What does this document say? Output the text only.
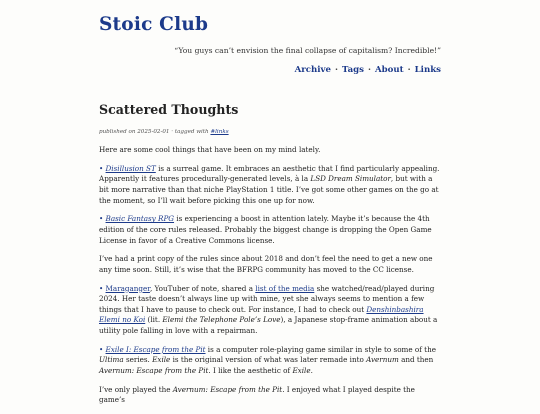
Stoic Club
“You guys can’t envision the final collapse of capitalism? Incredible!”
Archive · Tags · About · Links
Scattered Thoughts
published on 2025-02-01 · tagged with #links

Here are some cool things that have been on my mind lately.

• Disillusion ST is a surreal game. It embraces an aesthetic that I find particularly appealing. Apparently it features procedurally-generated levels, à la LSD Dream Simulator, but with a bit more narrative than that niche PlayStation 1 title. I’ve got some other games on the go at the moment, so I’ll wait before picking this one up for now.

• Basic Fantasy RPG is experiencing a boost in attention lately. Maybe it’s because the 4th edition of the core rules released. Probably the biggest change is dropping the Open Game License in favor of a Creative Commons license.

I’ve had a print copy of the rules since about 2018 and don’t feel the need to get a new one any time soon. Still, it’s wise that the BFRPG community has moved to the CC license.

• Maraganger, YouTuber of note, shared a list of the media she watched/read/played during 2024. Her taste doesn’t always line up with mine, yet she always seems to mention a few things that I have to pause to check out. For instance, I had to check out Denshinbashira Elemi no Koi (lit. Elemi the Telephone Pole’s Love), a Japanese stop-frame animation about a utility pole falling in love with a repairman.

• Exile I: Escape from the Pit is a computer role-playing game similar in style to some of the Ultima series. Exile is the original version of what was later remade into Avernum and then Avernum: Escape from the Pit. I like the aesthetic of Exile.

I’ve only played the Avernum: Escape from the Pit. I enjoyed what I played despite the game’s
